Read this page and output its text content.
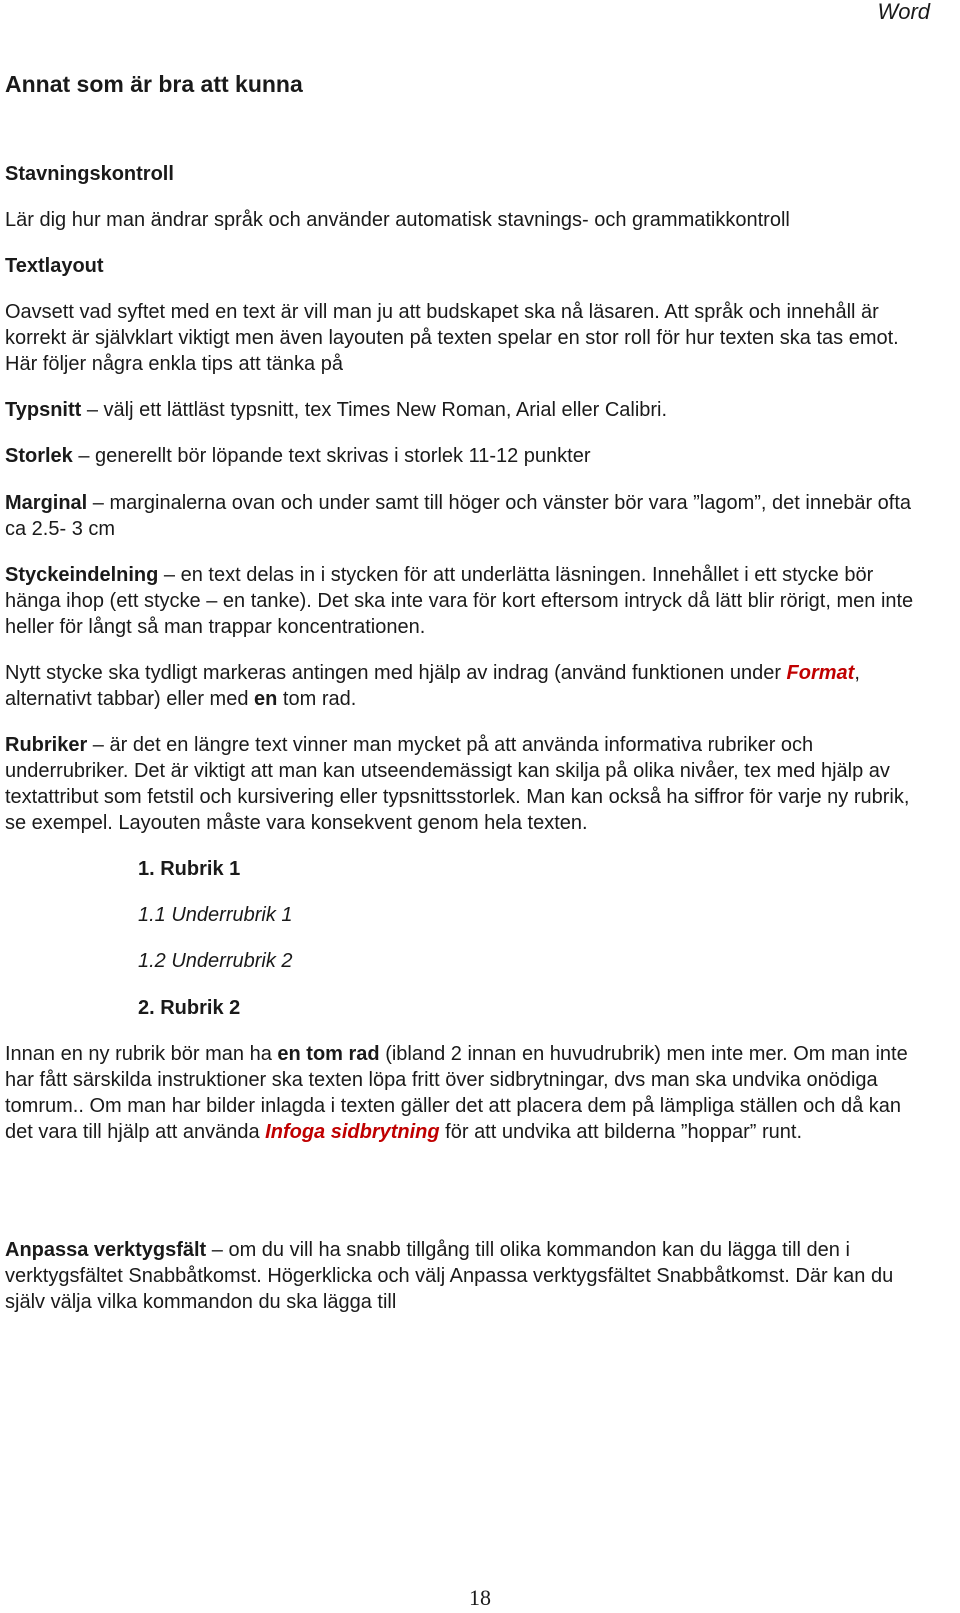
Word
Annat som är bra att kunna

Stavningskontroll

Lär dig hur man ändrar språk och använder automatisk stavnings- och grammatikkontroll

Textlayout

Oavsett vad syftet med en text är vill man ju att budskapet ska nå läsaren. Att språk och innehåll är korrekt är självklart viktigt men även layouten på texten spelar en stor roll för hur texten ska tas emot. Här följer några enkla tips att tänka på

Typsnitt – välj ett lättläst typsnitt, tex Times New Roman, Arial eller Calibri.

Storlek – generellt bör löpande text skrivas i storlek 11-12 punkter

Marginal – marginalerna ovan och under samt till höger och vänster bör vara ”lagom”, det innebär ofta ca 2.5- 3 cm

Styckeindelning – en text delas in i stycken för att underlätta läsningen. Innehållet i ett stycke bör hänga ihop (ett stycke – en tanke). Det ska inte vara för kort eftersom intryck då lätt blir rörigt, men inte heller för långt så man trappar koncentrationen.

Nytt stycke ska tydligt markeras antingen med hjälp av indrag (använd funktionen under Format, alternativt tabbar) eller med en tom rad.

Rubriker – är det en längre text vinner man mycket på att använda informativa rubriker och underrubriker. Det är viktigt att man kan utseendemässigt kan skilja på olika nivåer, tex med hjälp av textattribut som fetstil och kursivering eller typsnittsstorlek. Man kan också ha siffror för varje ny rubrik, se exempel. Layouten måste vara konsekvent genom hela texten.

1. Rubrik 1

1.1 Underrubrik 1

1.2 Underrubrik 2

2. Rubrik 2

Innan en ny rubrik bör man ha en tom rad (ibland 2 innan en huvudrubrik) men inte mer. Om man inte har fått särskilda instruktioner ska texten löpa fritt över sidbrytningar, dvs man ska undvika onödiga tomrum.. Om man har bilder inlagda i texten gäller det att placera dem på lämpliga ställen och då kan det vara till hjälp att använda Infoga sidbrytning för att undvika att bilderna ”hoppar” runt.

Anpassa verktygsfält – om du vill ha snabb tillgång till olika kommandon kan du lägga till den i verktygsfältet Snabbåtkomst. Högerklicka och välj Anpassa verktygsfältet Snabbåtkomst. Där kan du själv välja vilka kommandon du ska lägga till

18
